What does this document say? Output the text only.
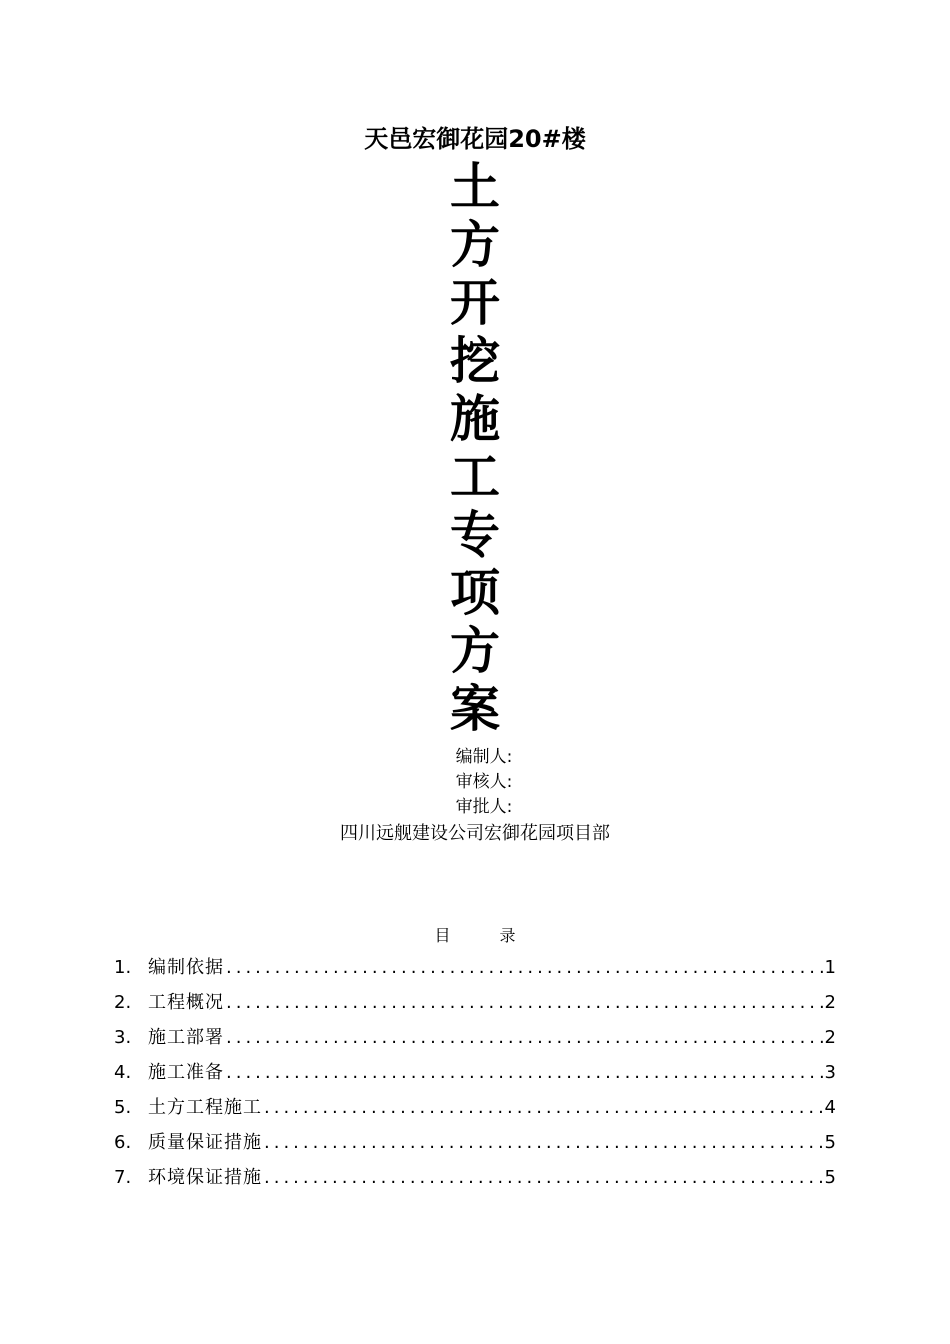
天邑宏御花园20#楼
土
方
开
挖
施
工
专
项
方
案
编制人:
审核人:
审批人:
四川远舰建设公司宏御花园项目部
目 录
1. 编制依据 .....	1
2. 工程概况 .....	2
3. 施工部署 .....	2
4. 施工准备 .....	3
5. 土方工程施工 .....	4
6. 质量保证措施 .....	5
7. 环境保证措施 .....	5
